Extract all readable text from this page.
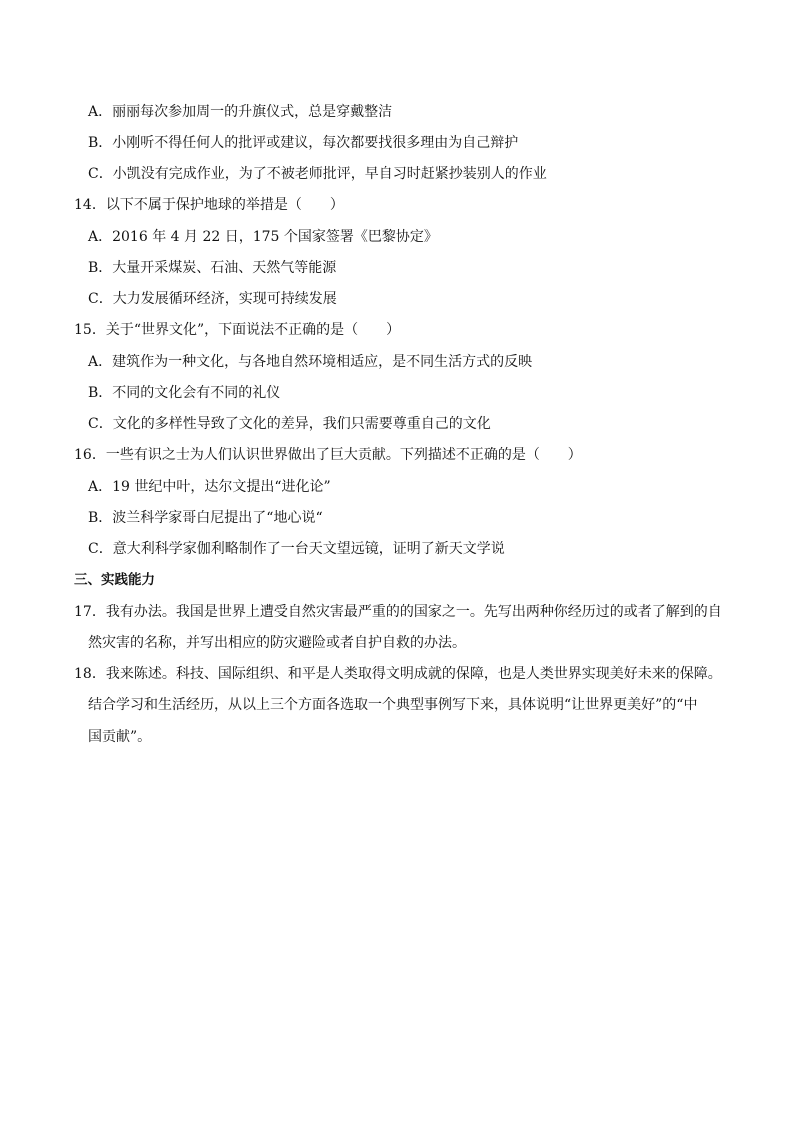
A．丽丽每次参加周一的升旗仪式，总是穿戴整洁
B．小刚听不得任何人的批评或建议，每次都要找很多理由为自己辩护
C．小凯没有完成作业，为了不被老师批评，早自习时赶紧抄装别人的作业
14．以下不属于保护地球的举措是（　　）
A．2016 年 4 月 22 日，175 个国家签署《巴黎协定》
B．大量开采煤炭、石油、天然气等能源
C．大力发展循环经济，实现可持续发展
15．关于“世界文化”，下面说法不正确的是（　　）
A．建筑作为一种文化，与各地自然环境相适应，是不同生活方式的反映
B．不同的文化会有不同的礼仪
C．文化的多样性导致了文化的差异，我们只需要尊重自己的文化
16．一些有识之士为人们认识世界做出了巨大贡献。下列描述不正确的是（　　）
A．19 世纪中叶，达尔文提出“进化论”
B．波兰科学家哥白尼提出了“地心说“
C．意大利科学家伽利略制作了一台天文望远镜，证明了新天文学说
三、实践能力
17．我有办法。我国是世界上遭受自然灾害最严重的的国家之一。先写出两种你经历过的或者了解到的自
然灾害的名称，并写出相应的防灾避险或者自护自救的办法。
18．我来陈述。科技、国际组织、和平是人类取得文明成就的保障，也是人类世界实现美好未来的保障。
结合学习和生活经历，从以上三个方面各选取一个典型事例写下来，具体说明“让世界更美好”的“中
国贡献”。
